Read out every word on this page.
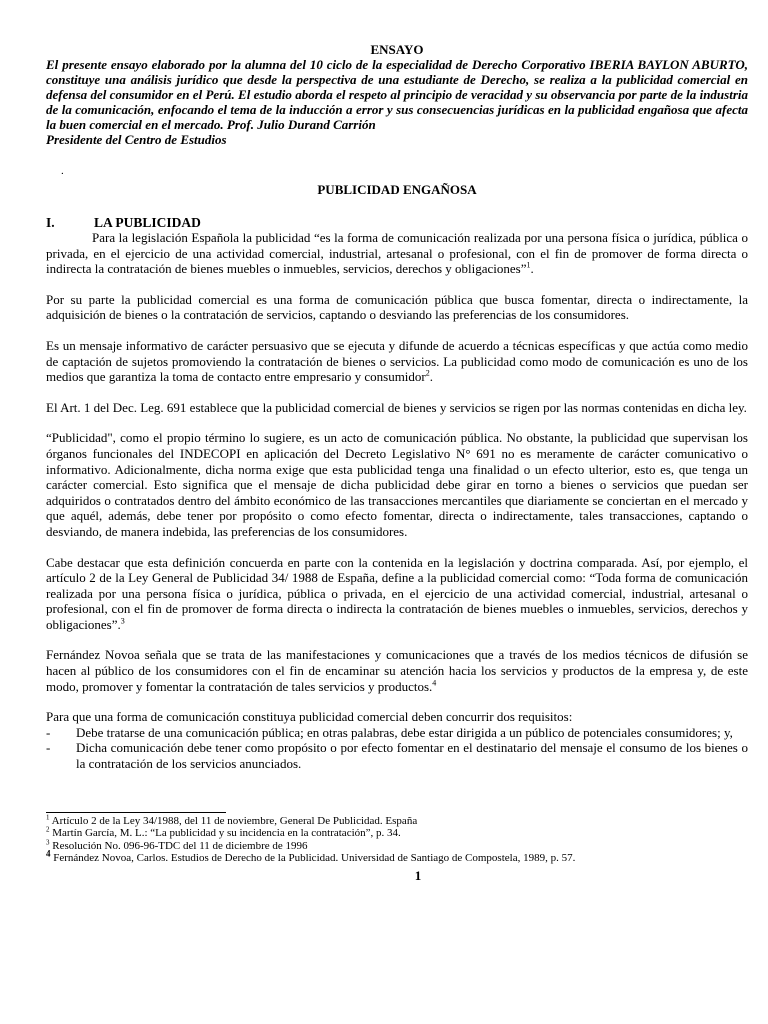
ENSAYO

El presente ensayo elaborado por la alumna del 10 ciclo de la especialidad de Derecho Corporativo IBERIA BAYLON ABURTO, constituye una análisis jurídico que desde la perspectiva de una estudiante de Derecho, se realiza a la publicidad comercial en defensa del consumidor en el Perú. El estudio aborda el respeto al principio de veracidad y su observancia por parte de la industria de la comunicación, enfocando el tema de la inducción a error y sus consecuencias jurídicas en la publicidad engañosa que afecta la buen comercial en el mercado. Prof. Julio Durand Carrión
Presidente del Centro de Estudios

.

PUBLICIDAD ENGAÑOSA

I.	LA PUBLICIDAD

Para la legislación Española la publicidad “es la forma de comunicación realizada por una persona física o jurídica, pública o privada, en el ejercicio de una actividad comercial, industrial, artesanal o profesional, con el fin de promover de forma directa o indirecta la contratación de bienes muebles o inmuebles, servicios, derechos y obligaciones”$^1$.

Por su parte la publicidad comercial es una forma de comunicación pública que busca fomentar, directa o indirectamente, la adquisición de bienes o la contratación de servicios, captando o desviando las preferencias de los consumidores.

Es un mensaje informativo de carácter persuasivo que se ejecuta y difunde de acuerdo a técnicas específicas y que actúa como medio de captación de sujetos promoviendo la contratación de bienes o servicios. La publicidad como modo de comunicación es uno de los medios que garantiza la toma de contacto entre empresario y consumidor$^2$.

El Art. 1 del Dec. Leg. 691 establece que la publicidad comercial de bienes y servicios se rigen por las normas contenidas en dicha ley.

“Publicidad", como el propio término lo sugiere, es un acto de comunicación pública. No obstante, la publicidad que supervisan los órganos funcionales del INDECOPI en aplicación del Decreto Legislativo N° 691 no es meramente de carácter comunicativo o informativo. Adicionalmente, dicha norma exige que esta publicidad tenga una finalidad o un efecto ulterior, esto es, que tenga un carácter comercial. Esto significa que el mensaje de dicha publicidad debe girar en torno a bienes o servicios que puedan ser adquiridos o contratados dentro del ámbito económico de las transacciones mercantiles que diariamente se conciertan en el mercado y que aquél, además, debe tener por propósito o como efecto fomentar, directa o indirectamente, tales transacciones, captando o desviando, de manera indebida, las preferencias de los consumidores.

Cabe destacar que esta definición concuerda en parte con la contenida en la legislación y doctrina comparada. Así, por ejemplo, el artículo 2 de la Ley General de Publicidad 34/ 1988 de España, define a la publicidad comercial como: “Toda forma de comunicación realizada por una persona física o jurídica, pública o privada, en el ejercicio de una actividad comercial, industrial, artesanal o profesional, con el fin de promover de forma directa o indirecta la contratación de bienes muebles o inmuebles, servicios, derechos y obligaciones”.$^3$

Fernández Novoa señala que se trata de las manifestaciones y comunicaciones que a través de los medios técnicos de difusión se hacen al público de los consumidores con el fin de encaminar su atención hacia los servicios y productos de la empresa y, de este modo, promover y fomentar la contratación de tales servicios y productos.$^4$

Para que una forma de comunicación constituya publicidad comercial deben concurrir dos requisitos:

- Debe tratarse de una comunicación pública; en otras palabras, debe estar dirigida a un público de potenciales consumidores; y,
- Dicha comunicación debe tener como propósito o por efecto fomentar en el destinatario del mensaje el consumo de los bienes o la contratación de los servicios anunciados.

$^1$ Artículo 2 de la Ley 34/1988, del 11 de noviembre, General De Publicidad. España

$^2$ Martín García, M. L.: “La publicidad y su incidencia en la contratación”, p. 34.

$^3$ Resolución No. 096-96-TDC del 11 de diciembre de 1996

$^4$ Fernández Novoa, Carlos. Estudios de Derecho de la Publicidad. Universidad de Santiago de Compostela, 1989, p. 57.

1
